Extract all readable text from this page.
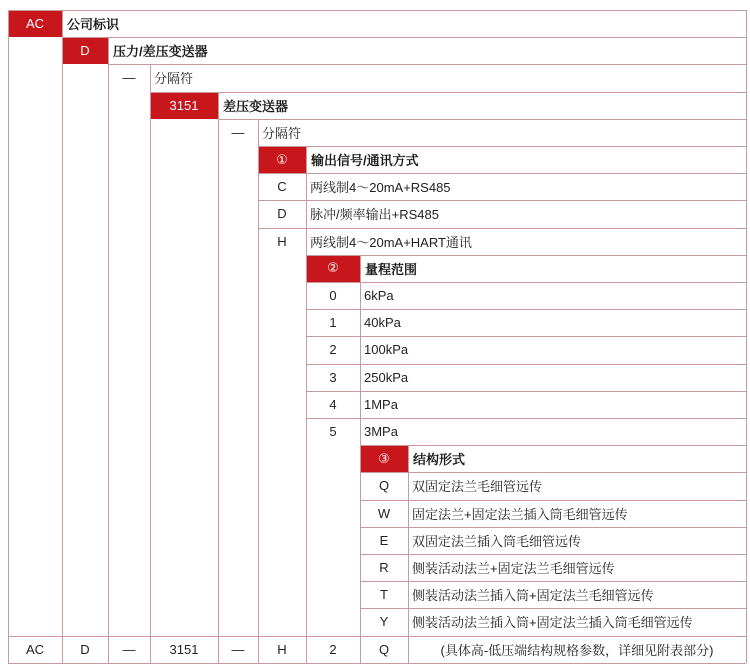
AC	公司标识
D	压力/差压变送器
—	分隔符
3151	差压变送器
—	分隔符
①	输出信号/通讯方式
C	两线制4～20mA+RS485
D	脉冲/频率输出+RS485
H	两线制4～20mA+HART通讯
②	量程范围
0	6kPa
1	40kPa
2	100kPa
3	250kPa
4	1MPa
5	3MPa
③	结构形式
Q	双固定法兰毛细管远传
W	固定法兰+固定法兰插入筒毛细管远传
E	双固定法兰插入筒毛细管远传
R	侧装活动法兰+固定法兰毛细管远传
T	侧装活动法兰插入筒+固定法兰毛细管远传
Y	侧装活动法兰插入筒+固定法兰插入筒毛细管远传
AC	D	—	3151	—	H	2	Q	(具体高-低压端结构规格参数，详细见附表部分)
